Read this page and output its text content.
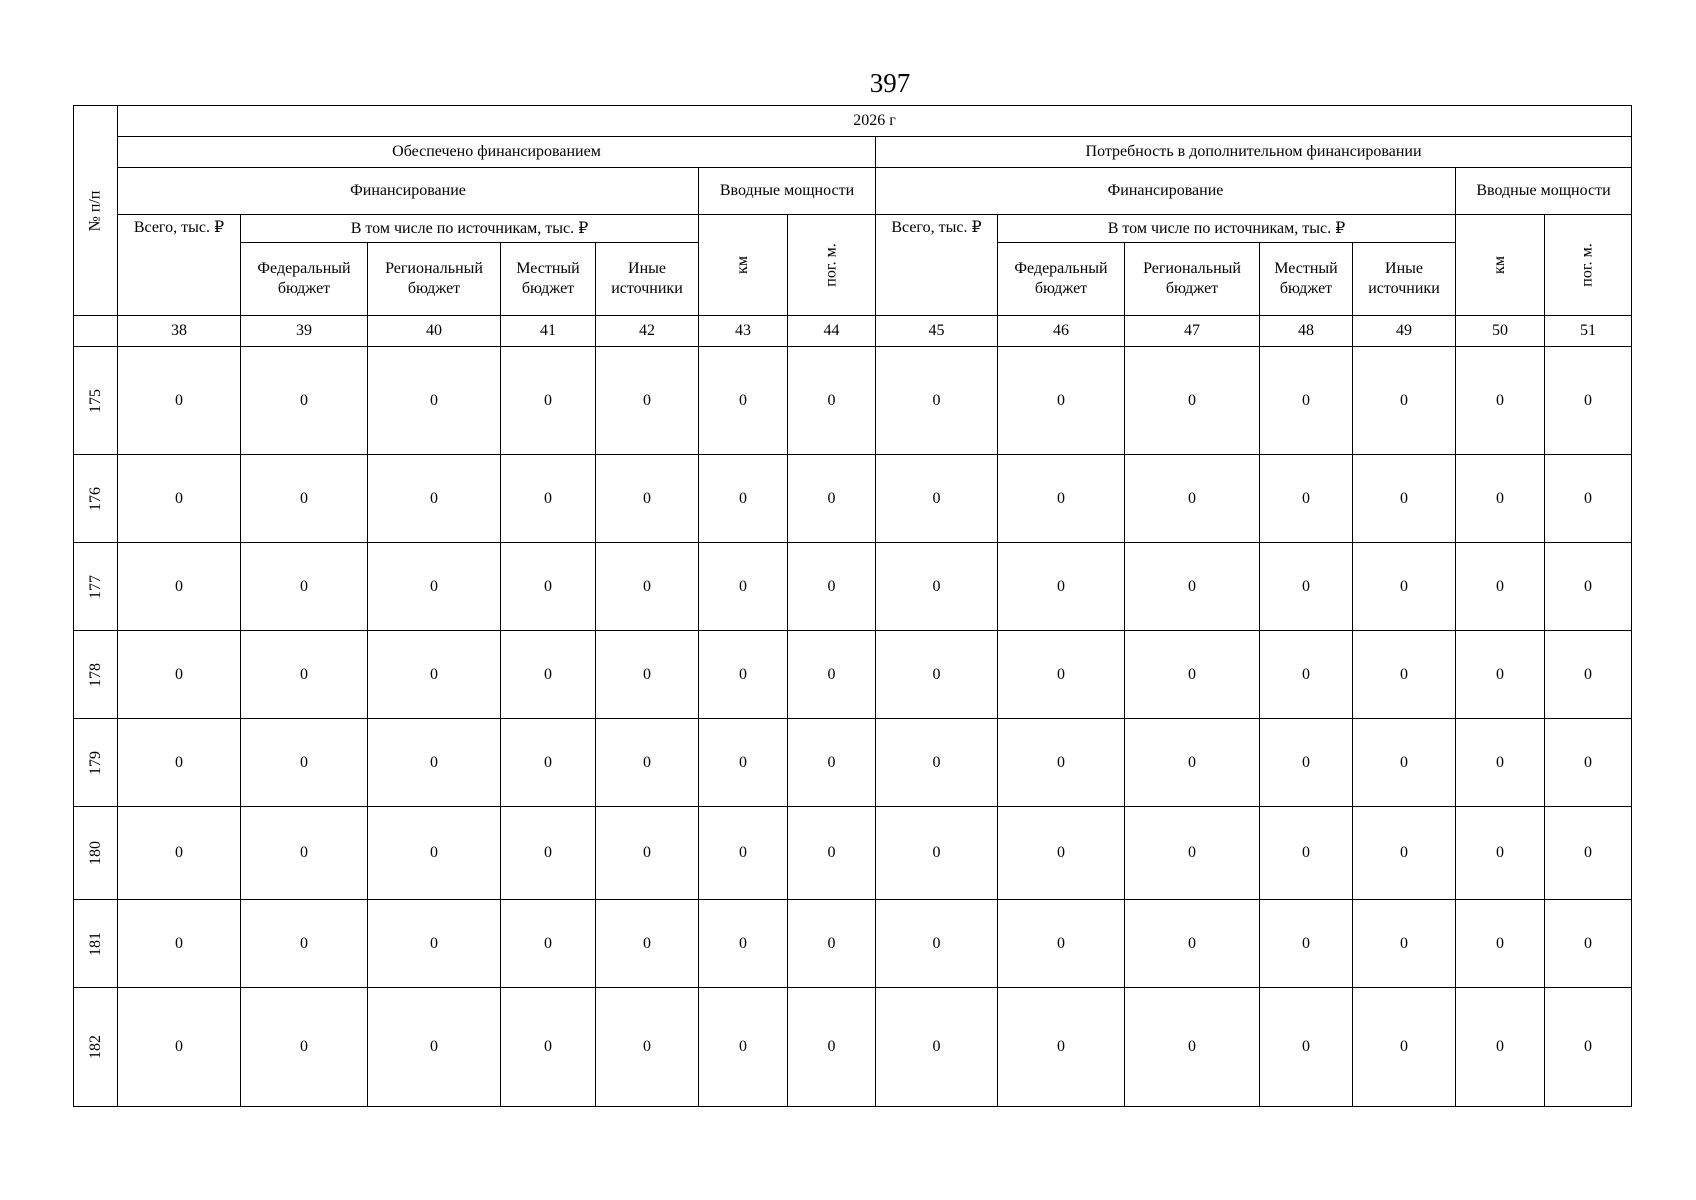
397
№ п/п	2026 г													
	Обеспечено финансированием							Потребность в дополнительном финансировании						
	Финансирование					Вводные мощности		Финансирование					Вводные мощности	
	Всего, тыс. ₽	В том числе по источникам, тыс. ₽				км	пог. м.	Всего, тыс. ₽	В том числе по источникам, тыс. ₽				км	пог. м.
		Федеральный бюджет	Региональный бюджет	Местный бюджет	Иные источники				Федеральный бюджет	Региональный бюджет	Местный бюджет	Иные источники		
	38	39	40	41	42	43	44	45	46	47	48	49	50	51
175	0	0	0	0	0	0	0	0	0	0	0	0	0	0
176	0	0	0	0	0	0	0	0	0	0	0	0	0	0
177	0	0	0	0	0	0	0	0	0	0	0	0	0	0
178	0	0	0	0	0	0	0	0	0	0	0	0	0	0
179	0	0	0	0	0	0	0	0	0	0	0	0	0	0
180	0	0	0	0	0	0	0	0	0	0	0	0	0	0
181	0	0	0	0	0	0	0	0	0	0	0	0	0	0
182	0	0	0	0	0	0	0	0	0	0	0	0	0	0
